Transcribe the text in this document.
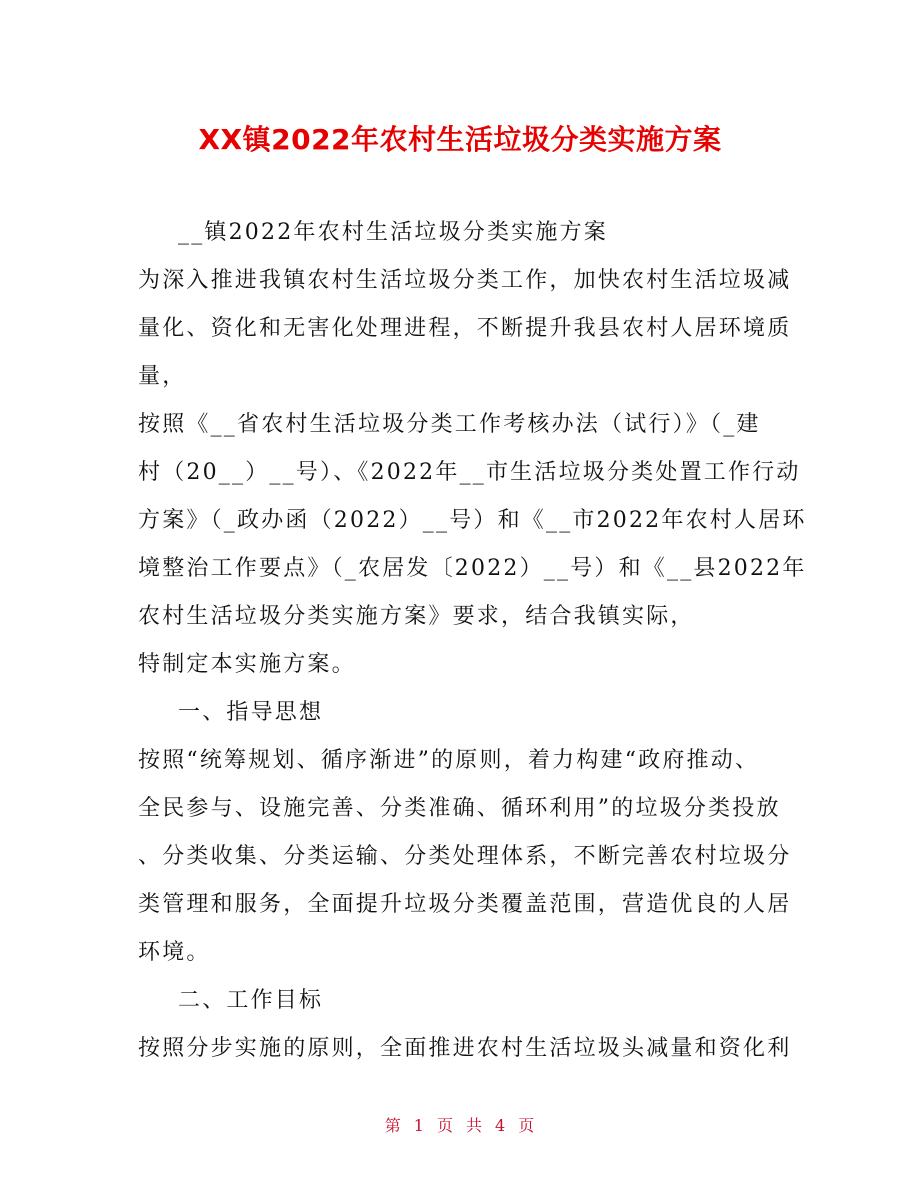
XX镇2022年农村生活垃圾分类实施方案

__镇2022年农村生活垃圾分类实施方案

为深入推进我镇农村生活垃圾分类工作，加快农村生活垃圾减

量化、资化和无害化处理进程，不断提升我县农村人居环境质

量，

按照《__省农村生活垃圾分类工作考核办法（试行）》（_建

村（20__）__号）、《2022年__市生活垃圾分类处置工作行动

方案》（_政办函（2022）__号）和《__市2022年农村人居环

境整治工作要点》（_农居发〔2022）__号）和《__县2022年

农村生活垃圾分类实施方案》要求，结合我镇实际，

特制定本实施方案。

一、指导思想

按照“统筹规划、循序渐进”的原则，着力构建“政府推动、

全民参与、设施完善、分类准确、循环利用”的垃圾分类投放

、分类收集、分类运输、分类处理体系，不断完善农村垃圾分

类管理和服务，全面提升垃圾分类覆盖范围，营造优良的人居

环境。

二、工作目标

按照分步实施的原则，全面推进农村生活垃圾头减量和资化利

第 1 页 共 4 页
